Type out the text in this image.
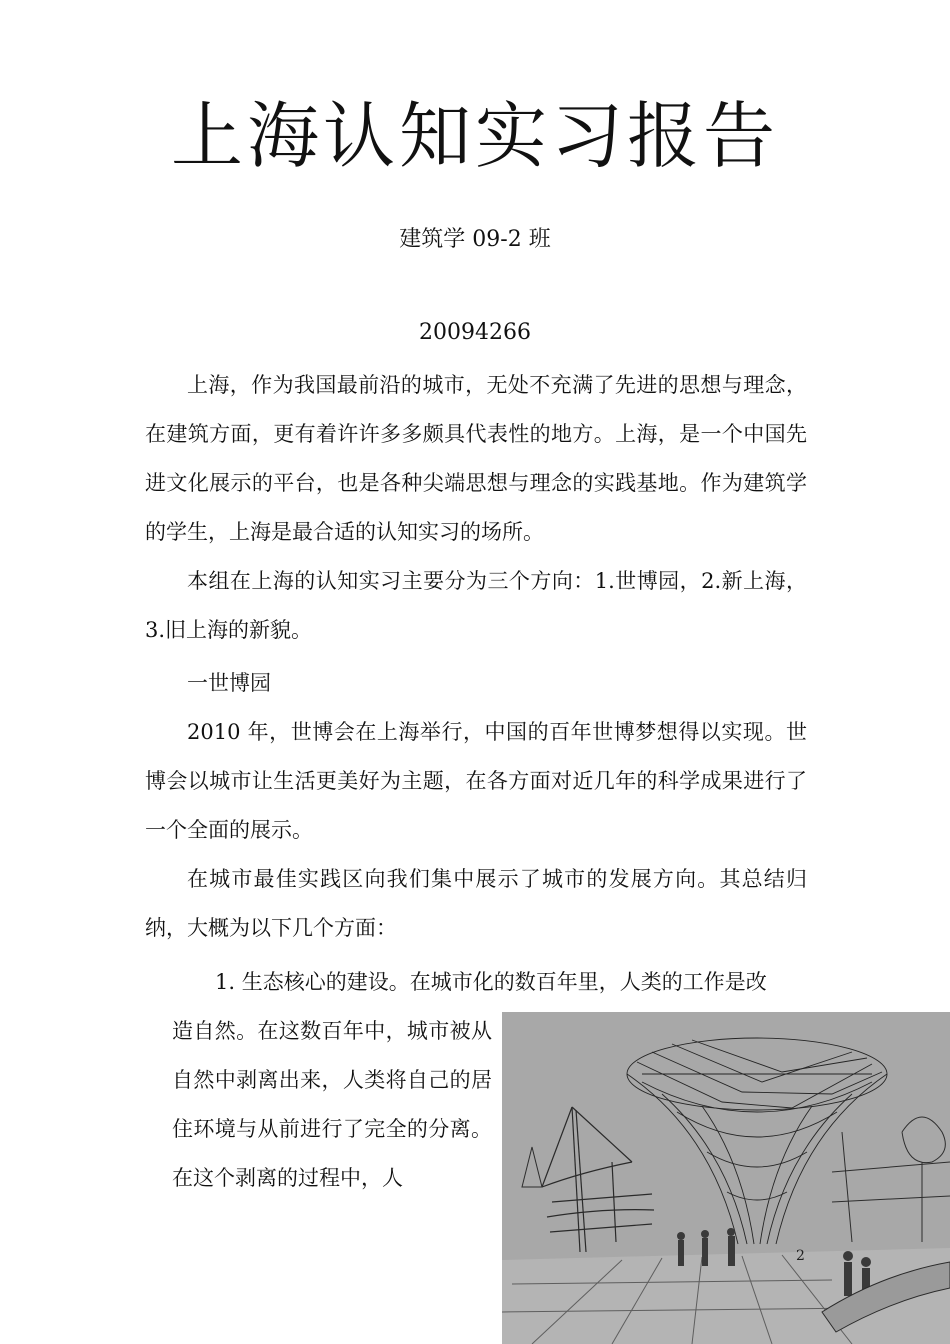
上海认知实习报告
建筑学 09-2 班
20094266

上海，作为我国最前沿的城市，无处不充满了先进的思想与理念，在建筑方面，更有着许许多多颇具代表性的地方。上海，是一个中国先进文化展示的平台，也是各种尖端思想与理念的实践基地。作为建筑学的学生，上海是最合适的认知实习的场所。

本组在上海的认知实习主要分为三个方向：1.世博园，2.新上海，3.旧上海的新貌。

一世博园

2010 年，世博会在上海举行，中国的百年世博梦想得以实现。世博会以城市让生活更美好为主题，在各方面对近几年的科学成果进行了一个全面的展示。

在城市最佳实践区向我们集中展示了城市的发展方向。其总结归纳，大概为以下几个方面：

1. 生态核心的建设。在城市化的数百年里，人类的工作是改

造自然。在这数百年中，城市被从自然中剥离出来，人类将自己的居住环境与从前进行了完全的分离。在这个剥离的过程中，人

2
